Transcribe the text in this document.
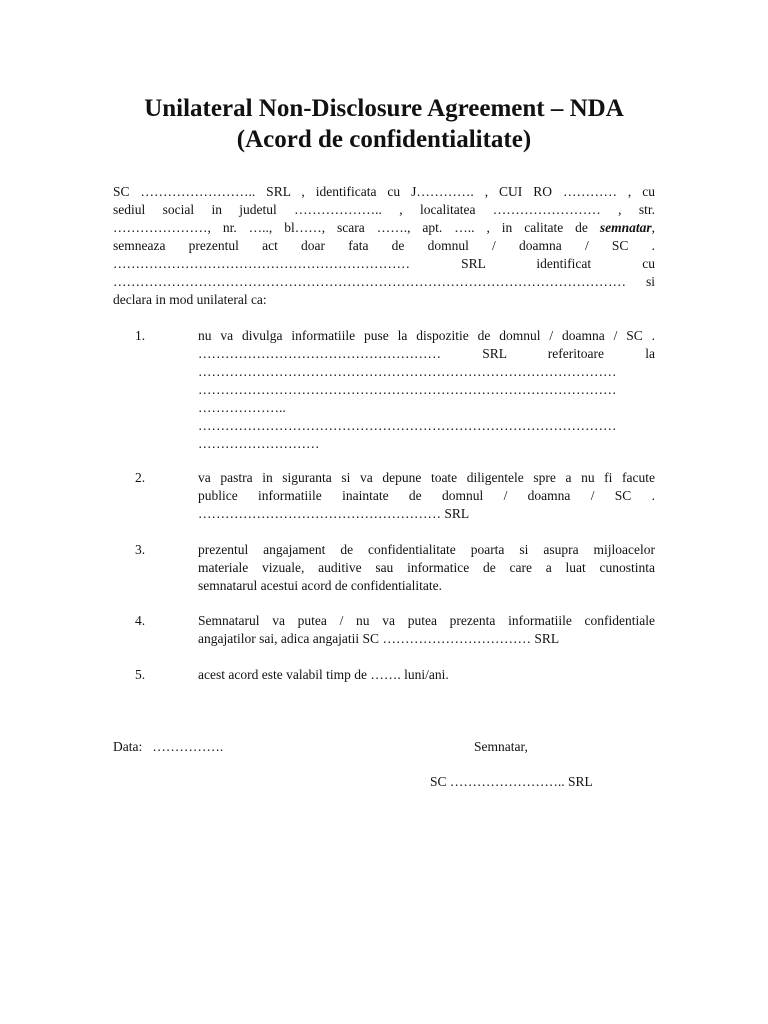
Unilateral Non-Disclosure Agreement – NDA
(Acord de confidentialitate)
SC …………………….. SRL , identificata cu J…………. , CUI RO ………… , cu
sediul social in judetul ……………….. , localitatea …………………… , str.
…………………, nr. ….., bl……, scara ……., apt. ….. , in calitate de semnatar,
semneaza prezentul act doar fata de domnul / doamna / SC .
………………………………………………………… SRL identificat cu
…………………………………………………………………………………………………… si
declara in mod unilateral ca:
1.	nu va divulga informatiile puse la dispozitie de domnul / doamna / SC .
……………………………………………… SRL referitoare la
…………………………………………………………………………………
…………………………………………………………………………………
………………..
…………………………………………………………………………………
………………………
2.	va pastra in siguranta si va depune toate diligentele spre a nu fi facute
publice informatiile inaintate de domnul / doamna / SC .
……………………………………………… SRL
3.	prezentul angajament de confidentialitate poarta si asupra mijloacelor
materiale vizuale, auditive sau informatice de care a luat cunostinta
semnatarul acestui acord de confidentialitate.
4.	Semnatarul va putea / nu va putea prezenta informatiile confidentiale
angajatilor sai, adica angajatii SC …………………………… SRL
5.	acest acord este valabil timp de ……. luni/ani.
Data: …………….	Semnatar,
SC …………………….. SRL
